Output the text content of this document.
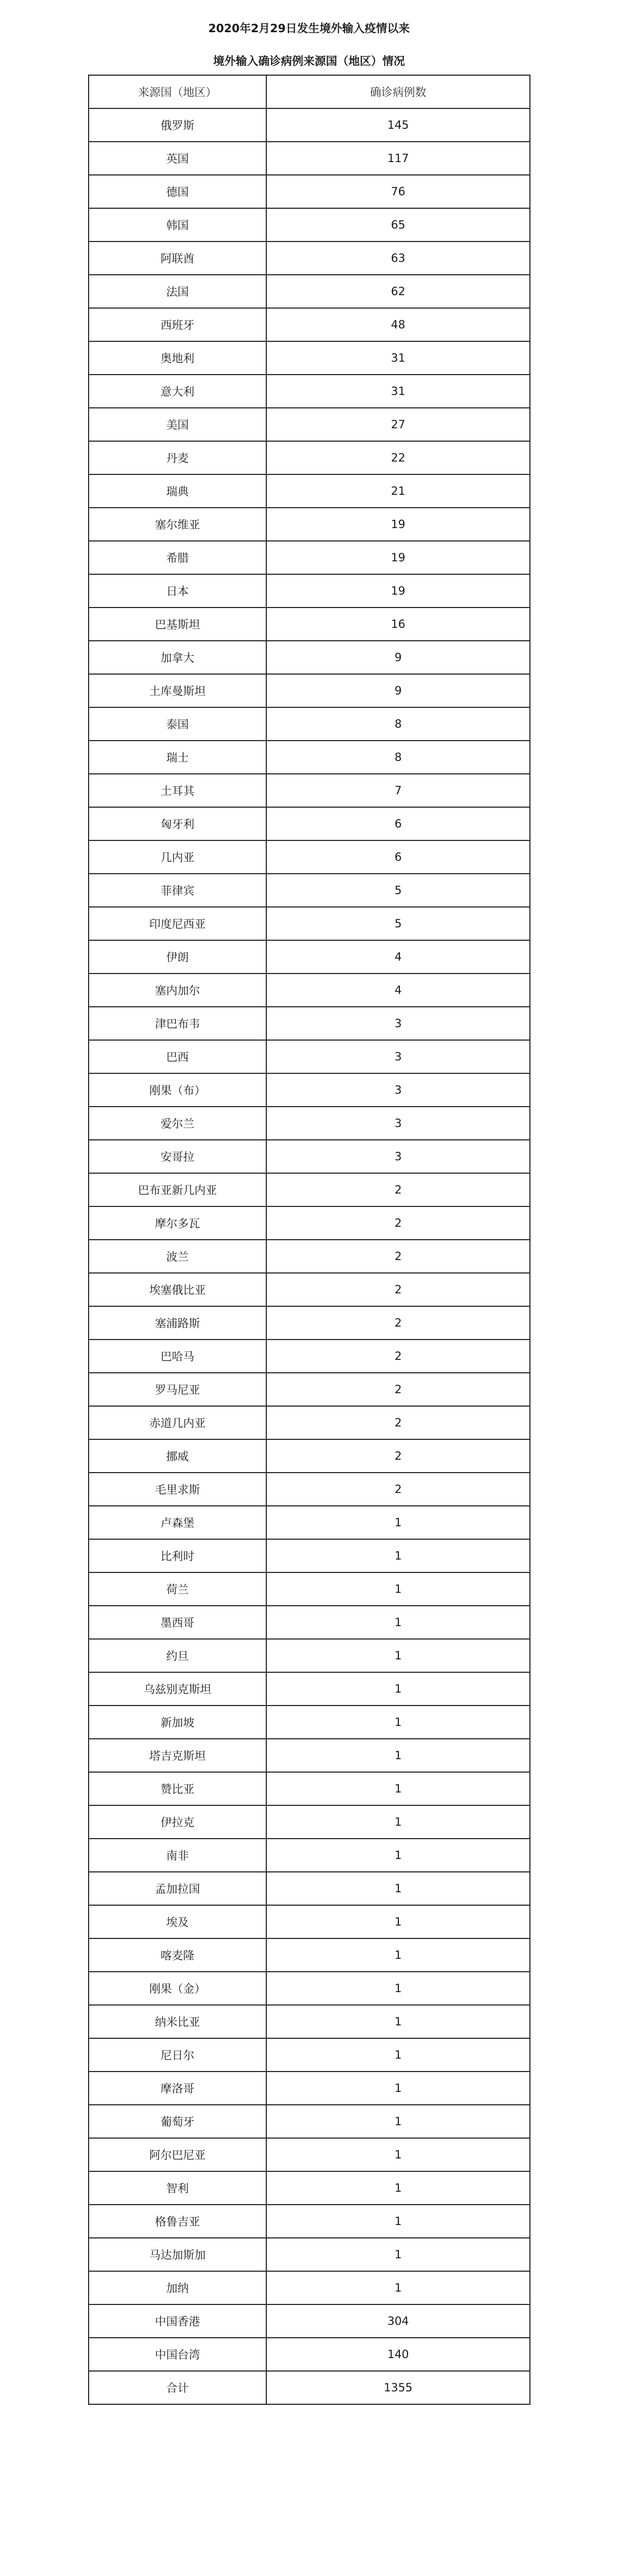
2020年2月29日发生境外输入疫情以来
境外输入确诊病例来源国（地区）情况
来源国（地区）	确诊病例数
俄罗斯	145
英国	117
德国	76
韩国	65
阿联酋	63
法国	62
西班牙	48
奥地利	31
意大利	31
美国	27
丹麦	22
瑞典	21
塞尔维亚	19
希腊	19
日本	19
巴基斯坦	16
加拿大	9
土库曼斯坦	9
泰国	8
瑞士	8
土耳其	7
匈牙利	6
几内亚	6
菲律宾	5
印度尼西亚	5
伊朗	4
塞内加尔	4
津巴布韦	3
巴西	3
刚果（布）	3
爱尔兰	3
安哥拉	3
巴布亚新几内亚	2
摩尔多瓦	2
波兰	2
埃塞俄比亚	2
塞浦路斯	2
巴哈马	2
罗马尼亚	2
赤道几内亚	2
挪威	2
毛里求斯	2
卢森堡	1
比利时	1
荷兰	1
墨西哥	1
约旦	1
乌兹别克斯坦	1
新加坡	1
塔吉克斯坦	1
赞比亚	1
伊拉克	1
南非	1
孟加拉国	1
埃及	1
喀麦隆	1
刚果（金）	1
纳米比亚	1
尼日尔	1
摩洛哥	1
葡萄牙	1
阿尔巴尼亚	1
智利	1
格鲁吉亚	1
马达加斯加	1
加纳	1
中国香港	304
中国台湾	140
合计	1355
